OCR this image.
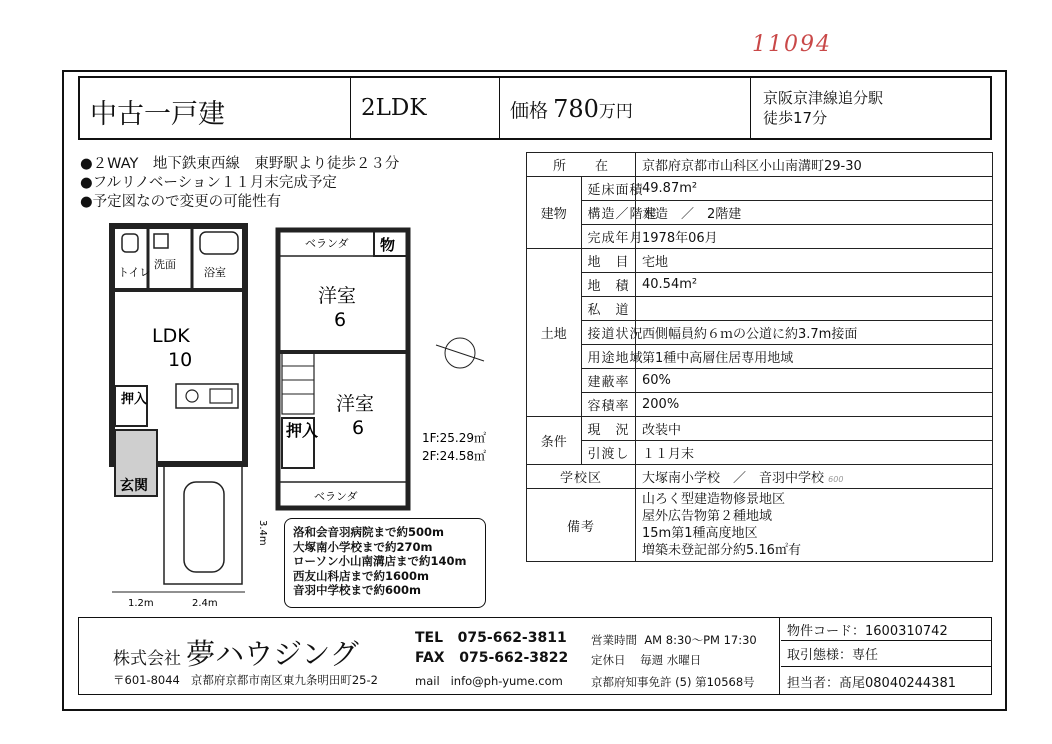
11094
中古一戸建	2LDK	価格 780万円
京阪京津線追分駅
徒歩17分
●２WAY　地下鉄東西線　東野駅より徒歩２３分
●フルリノベーション１１月末完成予定
●予定図なので変更の可能性有
トイレ
洗面
浴室
LDK
10
押入
玄関
1.2m	2.4m
3.4m
ベランダ 物
洋室
6
洋室
6
押入
ベランダ
1F:25.29㎡
2F:24.58㎡
洛和会音羽病院まで約500m
大塚南小学校まで約270m
ローソン小山南溝店まで約140m
西友山科店まで約1600m
音羽中学校まで約600m
所　　在		京都府京都市山科区小山南溝町29-30
建物	延床面積	49.87m²
	構造／階建	木造　／　2階建
	完成年月	1978年06月
土地	地　目	宅地
	地　積	40.54m²
	私　道	
	接道状況	西側幅員約６ｍの公道に約3.7m接面
	用途地域	第1種中高層住居専用地域
	建蔽率	60%
	容積率	200%
条件	現　況	改装中
	引渡し	１１月末
学校区		大塚南小学校　／　音羽中学校 600
備考		山ろく型建造物修景地区
屋外広告物第２種地域
15m第1種高度地区
増築未登記部分約5.16㎡有
株式会社 夢ハウジング
〒601-8044 京都府京都市南区東九条明田町25-2
TEL 075-662-3811
FAX 075-662-3822
mail info@ph-yume.com
営業時間 AM 8:30〜PM 17:30
定休日 毎週 水曜日
京都府知事免許 (5) 第10568号
物件コード：1600310742
取引態様：専任
担当者：髙尾08040244381
